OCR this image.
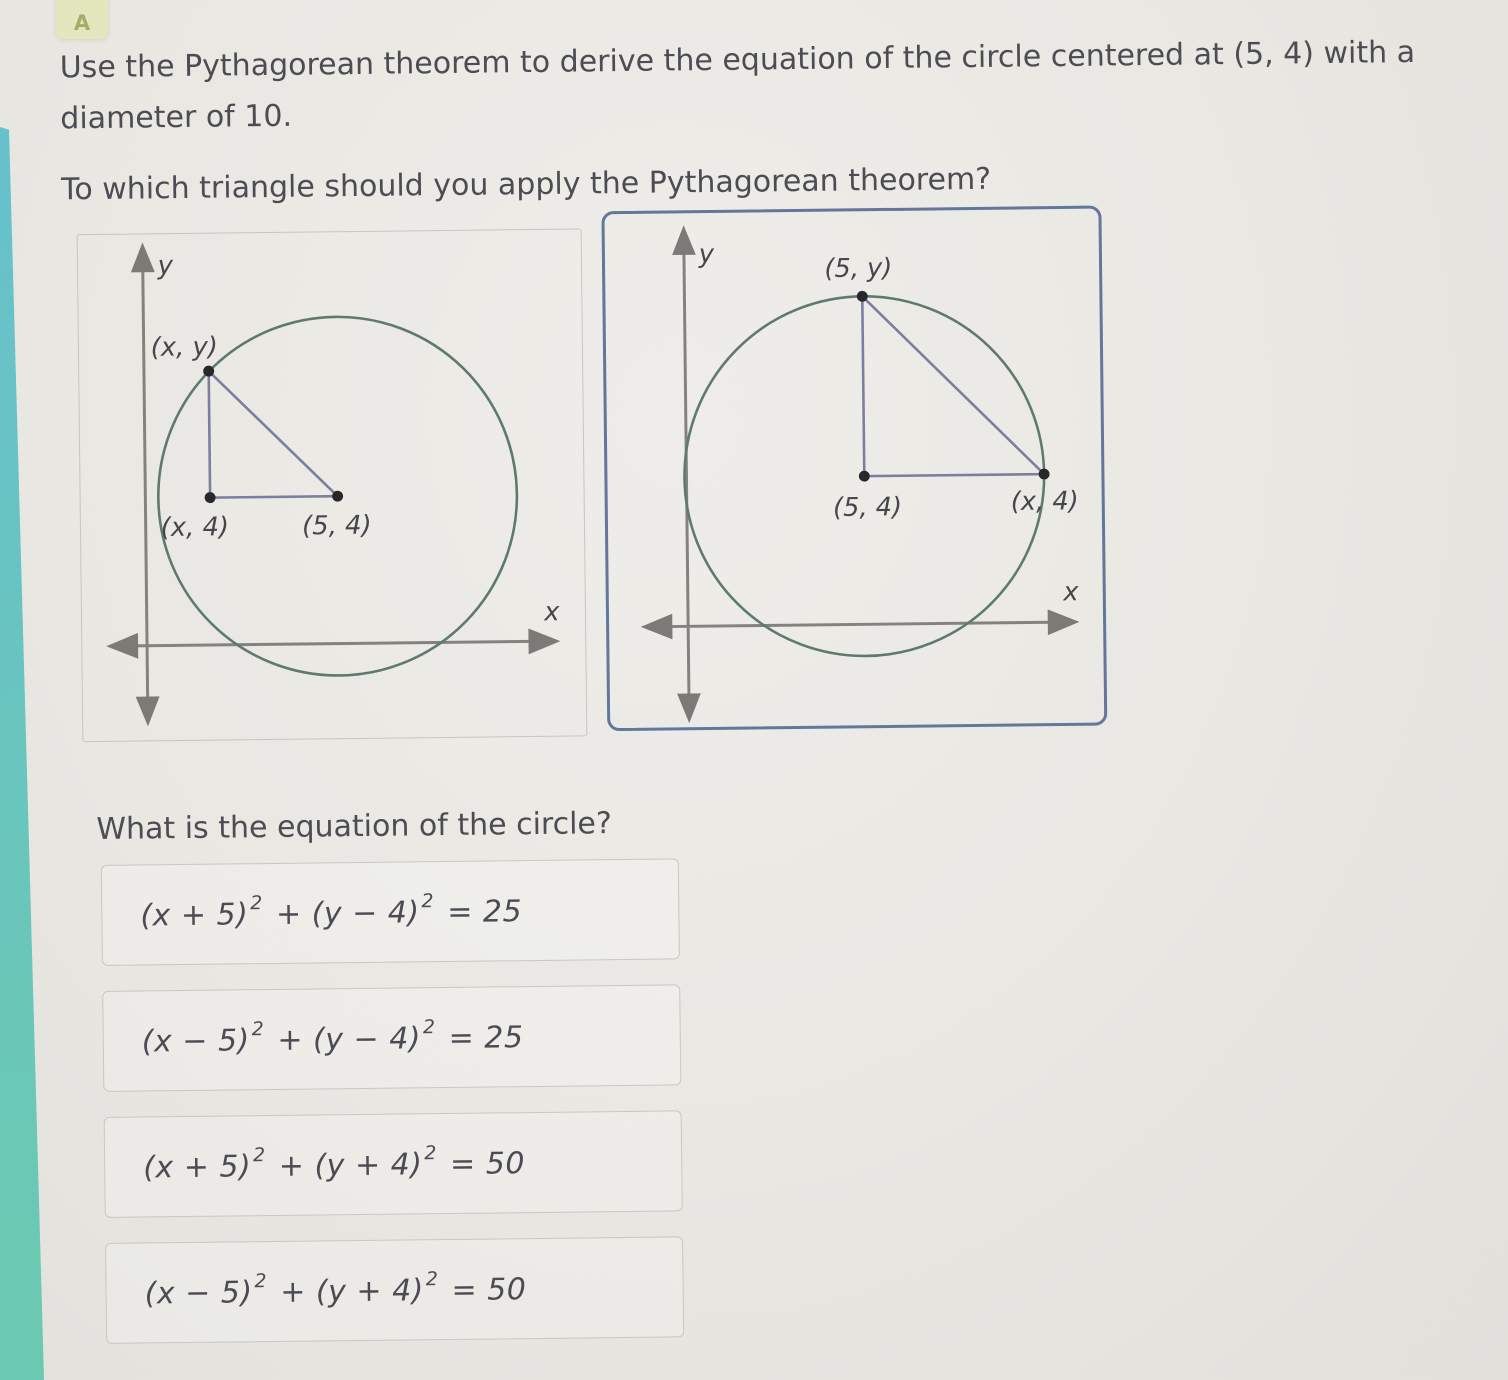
A

Use the Pythagorean theorem to derive the equation of the circle centered at (5, 4) with a diameter of 10.

To which triangle should you apply the Pythagorean theorem?

y
x
(x, y)
(x, 4)	(5, 4)
y
x
(5, y)
(5, 4)	(x, 4)

What is the equation of the circle?

$(x + 5)^2 + (y - 4)^2 = 25$
$(x - 5)^2 + (y - 4)^2 = 25$
$(x + 5)^2 + (y + 4)^2 = 50$
$(x - 5)^2 + (y + 4)^2 = 50$
